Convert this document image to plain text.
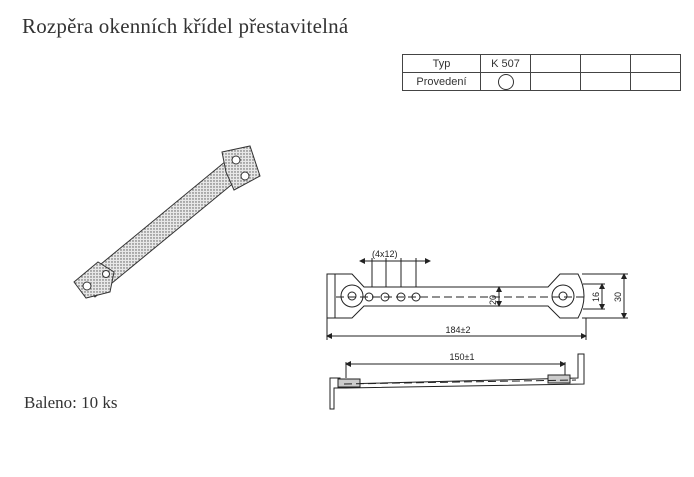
Rozpěra okenních křídel přestavitelná
Typ	K 507			
Provedení				
Baleno: 10 ks
(4x12)
20	16 30
184±2
150±1
